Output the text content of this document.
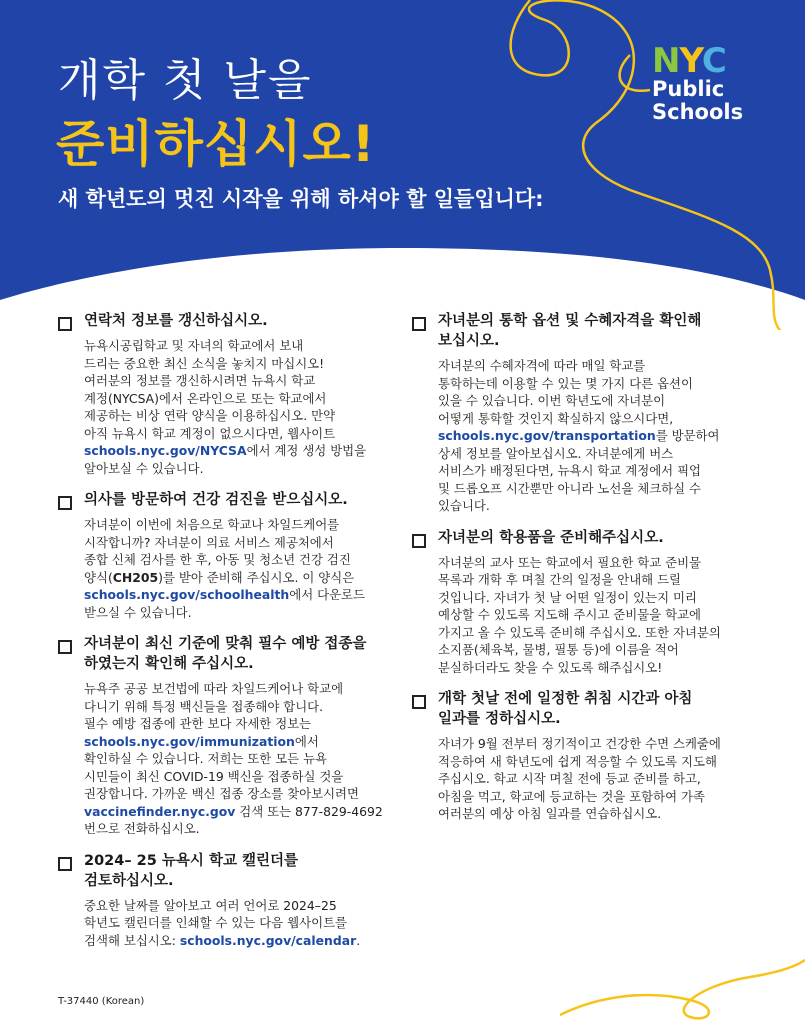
개학 첫 날을
준비하십시오!
새 학년도의 멋진 시작을 위해 하셔야 할 일들입니다:
NYC
Public
Schools
연락처 정보를 갱신하십시오.
뉴욕시공립학교 및 자녀의 학교에서 보내
드리는 중요한 최신 소식을 놓치지 마십시오!
여러분의 정보를 갱신하시려면 뉴욕시 학교
계정(NYCSA)에서 온라인으로 또는 학교에서
제공하는 비상 연락 양식을 이용하십시오. 만약
아직 뉴욕시 학교 계정이 없으시다면, 웹사이트
schools.nyc.gov/NYCSA에서 계정 생성 방법을
알아보실 수 있습니다.
의사를 방문하여 건강 검진을 받으십시오.
자녀분이 이번에 처음으로 학교나 차일드케어를
시작합니까? 자녀분이 의료 서비스 제공처에서
종합 신체 검사를 한 후, 아동 및 청소년 건강 검진
양식(CH205)를 받아 준비해 주십시오. 이 양식은
schools.nyc.gov/schoolhealth에서 다운로드
받으실 수 있습니다.
자녀분이 최신 기준에 맞춰 필수 예방 접종을
하였는지 확인해 주십시오.
뉴욕주 공공 보건법에 따라 차일드케어나 학교에
다니기 위해 특정 백신들을 접종해야 합니다.
필수 예방 접종에 관한 보다 자세한 정보는
schools.nyc.gov/immunization에서
확인하실 수 있습니다. 저희는 또한 모든 뉴욕
시민들이 최신 COVID-19 백신을 접종하실 것을
권장합니다. 가까운 백신 접종 장소를 찾아보시려면
vaccinefinder.nyc.gov 검색 또는 877-829-4692
번으로 전화하십시오.
2024– 25 뉴욕시 학교 캘린더를
검토하십시오.
중요한 날짜를 알아보고 여러 언어로 2024–25
학년도 캘린더를 인쇄할 수 있는 다음 웹사이트를
검색해 보십시오: schools.nyc.gov/calendar.
자녀분의 통학 옵션 및 수혜자격을 확인해
보십시오.
자녀분의 수혜자격에 따라 매일 학교를
통학하는데 이용할 수 있는 몇 가지 다른 옵션이
있을 수 있습니다. 이번 학년도에 자녀분이
어떻게 통학할 것인지 확실하지 않으시다면,
schools.nyc.gov/transportation를 방문하여
상세 정보를 알아보십시오. 자녀분에게 버스
서비스가 배정된다면, 뉴욕시 학교 계정에서 픽업
및 드롭오프 시간뿐만 아니라 노선을 체크하실 수
있습니다.
자녀분의 학용품을 준비해주십시오.
자녀분의 교사 또는 학교에서 필요한 학교 준비물
목록과 개학 후 며칠 간의 일정을 안내해 드릴
것입니다. 자녀가 첫 날 어떤 일정이 있는지 미리
예상할 수 있도록 지도해 주시고 준비물을 학교에
가지고 올 수 있도록 준비해 주십시오. 또한 자녀분의
소지품(체육복, 물병, 필통 등)에 이름을 적어
분실하더라도 찾을 수 있도록 해주십시오!
개학 첫날 전에 일정한 취침 시간과 아침
일과를 정하십시오.
자녀가 9월 전부터 정기적이고 건강한 수면 스케줄에
적응하여 새 학년도에 쉽게 적응할 수 있도록 지도해
주십시오. 학교 시작 며칠 전에 등교 준비를 하고,
아침을 먹고, 학교에 등교하는 것을 포함하여 가족
여러분의 예상 아침 일과를 연습하십시오.
T-37440 (Korean)
